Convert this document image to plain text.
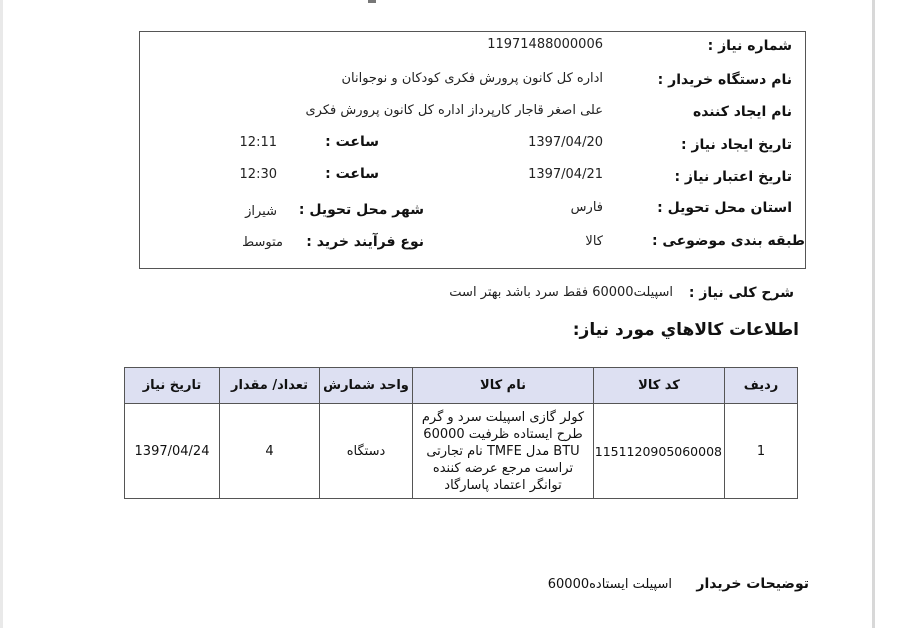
شماره نیاز :
11971488000006
نام دستگاه خریدار :
اداره کل کانون پرورش فکری کودکان و نوجوانان
نام ایجاد کننده
علی اصغر قاجار کارپرداز اداره کل کانون پرورش فکری
تاریخ ایجاد نیاز :
1397/04/20
ساعت :
12:11
تاریخ اعتبار نیاز :
1397/04/21
ساعت :
12:30
استان محل تحویل :
فارس
شهر محل تحویل :
شیراز
طبقه بندی موضوعی :
کالا
نوع فرآیند خرید :
متوسط
شرح کلی نیاز :
اسپیلت60000 فقط سرد باشد بهتر است
اطلاعات كالاهاي مورد نياز:
ردیف	کد کالا	نام کالا	واحد شمارش	تعداد/ مقدار	تاریخ نیاز
1	1151120905060008	کولر گازی اسپیلت سرد و گرم طرح ایستاده ظرفیت 60000 BTU مدل TMFE نام تجارتی تراست مرجع عرضه کننده توانگر اعتماد پاسارگاد	دستگاه	4	1397/04/24
توضیحات خریدار
اسپیلت ایستاده60000
